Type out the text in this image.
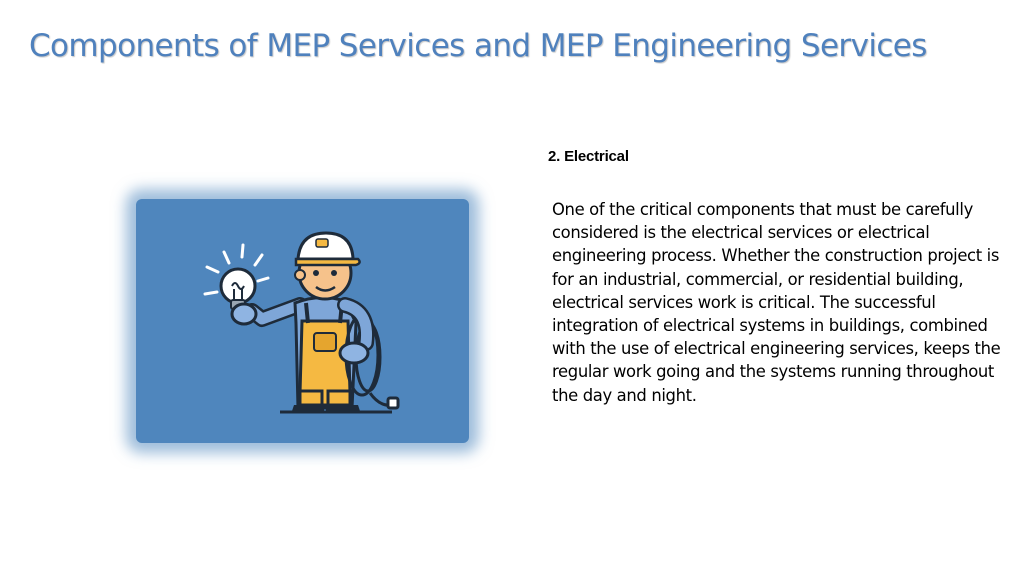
Components of MEP Services and MEP Engineering Services
2. Electrical

One of the critical components that must be carefully considered is the electrical services or electrical engineering process. Whether the construction project is for an industrial, commercial, or residential building, electrical services work is critical. The successful integration of electrical systems in buildings, combined with the use of electrical engineering services, keeps the regular work going and the systems running throughout the day and night.
